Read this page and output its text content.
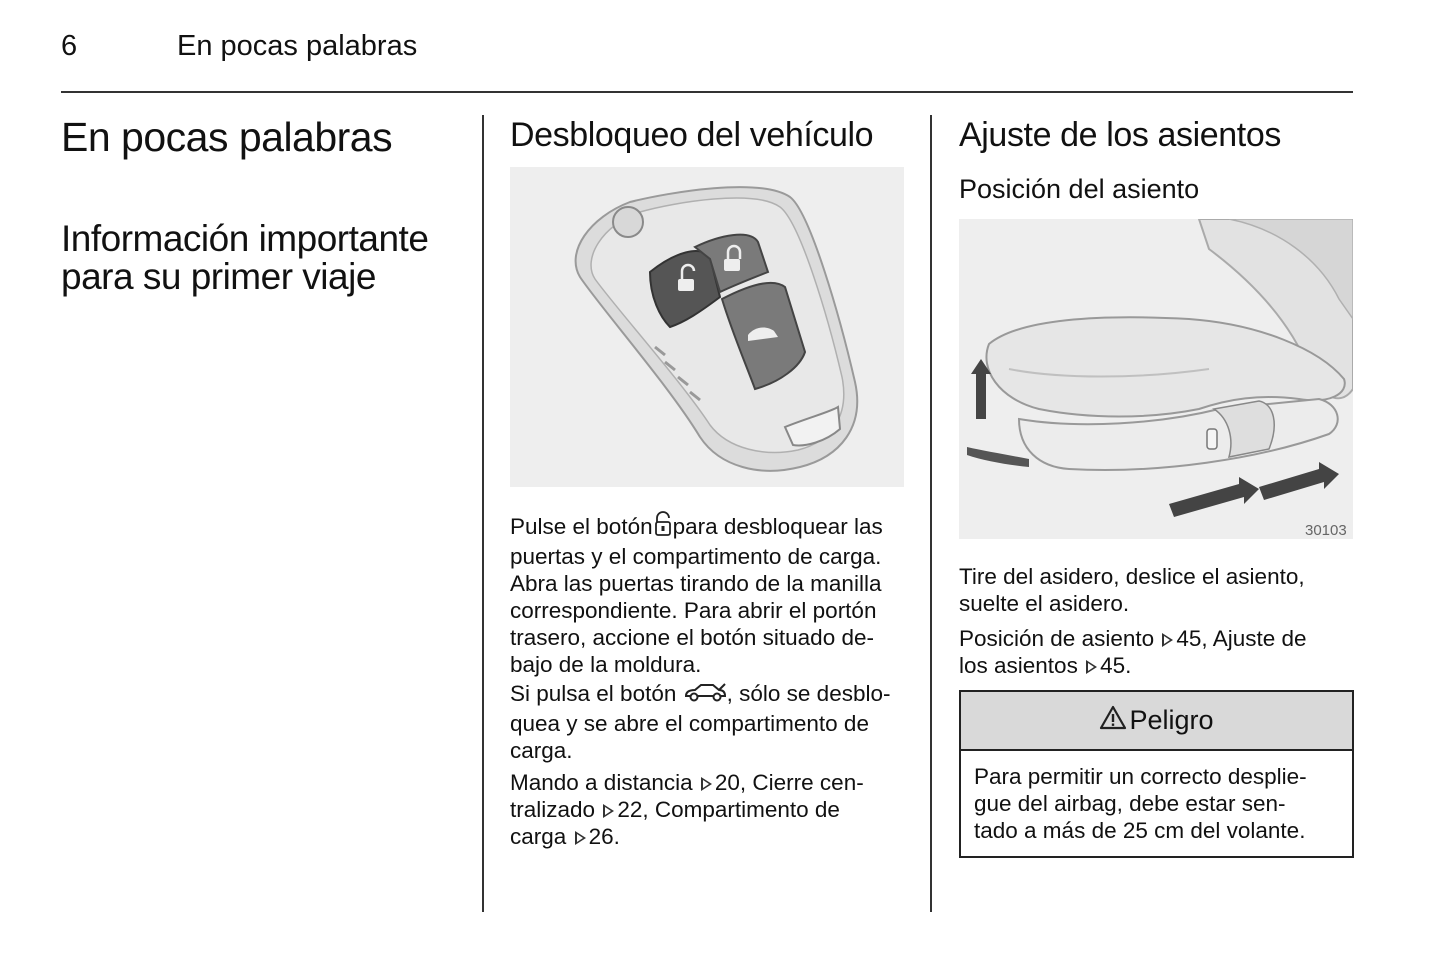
6	En pocas palabras
En pocas palabras
Información importante
para su primer viaje
Desbloqueo del vehículo
Pulse el botón para desbloquear las
puertas y el compartimento de carga.
Abra las puertas tirando de la manilla
correspondiente. Para abrir el portón
trasero, accione el botón situado de-
bajo de la moldura.
Si pulsa el botón , sólo se desblo-
quea y se abre el compartimento de
carga.
Mando a distancia 20, Cierre cen-
tralizado 22, Compartimento de
carga 26.
Ajuste de los asientos
Posición del asiento
30103
Tire del asidero, deslice el asiento,
suelte el asidero.
Posición de asiento 45, Ajuste de
los asientos 45.
Peligro
Para permitir un correcto desplie-
gue del airbag, debe estar sen-
tado a más de 25 cm del volante.
